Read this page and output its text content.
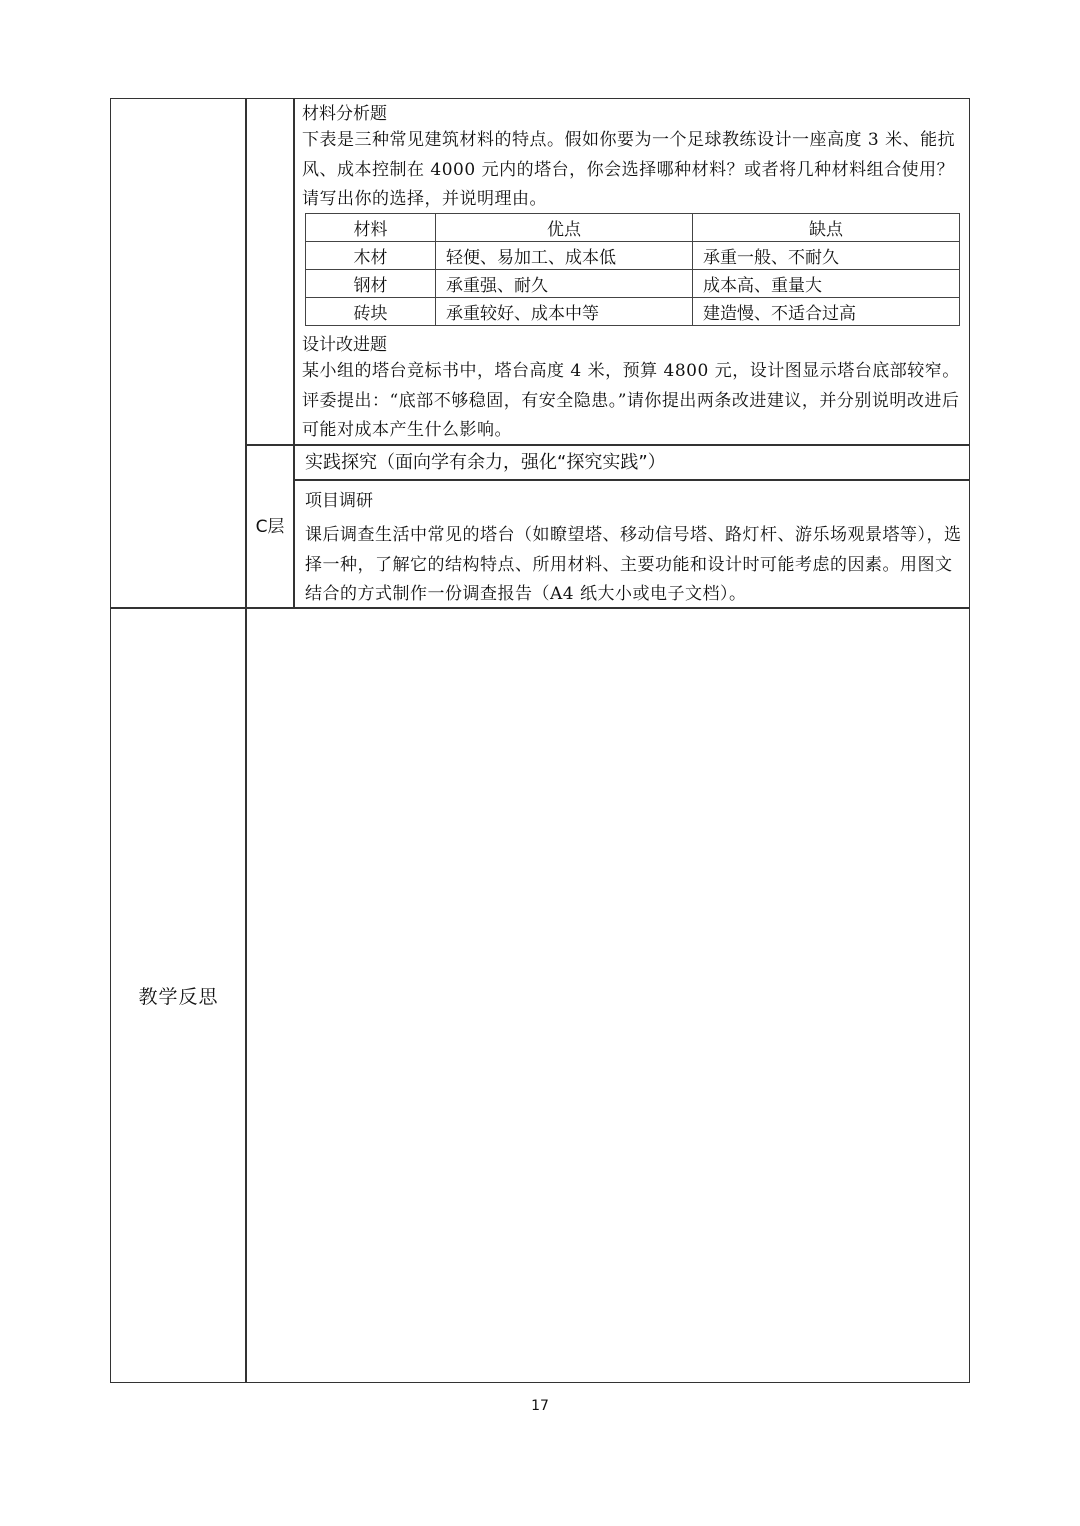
材料分析题
下表是三种常见建筑材料的特点。假如你要为一个足球教练设计一座高度 3 米、能抗风、成本控制在 4000 元内的塔台，你会选择哪种材料？或者将几种材料组合使用？请写出你的选择，并说明理由。
材料	优点	缺点
木材	轻便、易加工、成本低	承重一般、不耐久
钢材	承重强、耐久	成本高、重量大
砖块	承重较好、成本中等	建造慢、不适合过高
设计改进题
某小组的塔台竞标书中，塔台高度 4 米，预算 4800 元，设计图显示塔台底部较窄。评委提出：“底部不够稳固，有安全隐患。”请你提出两条改进建议，并分别说明改进后可能对成本产生什么影响。
C层
实践探究（面向学有余力，强化“探究实践”）
项目调研
课后调查生活中常见的塔台（如瞭望塔、移动信号塔、路灯杆、游乐场观景塔等），选择一种，了解它的结构特点、所用材料、主要功能和设计时可能考虑的因素。用图文结合的方式制作一份调查报告（A4 纸大小或电子文档）。
教学反思
17
